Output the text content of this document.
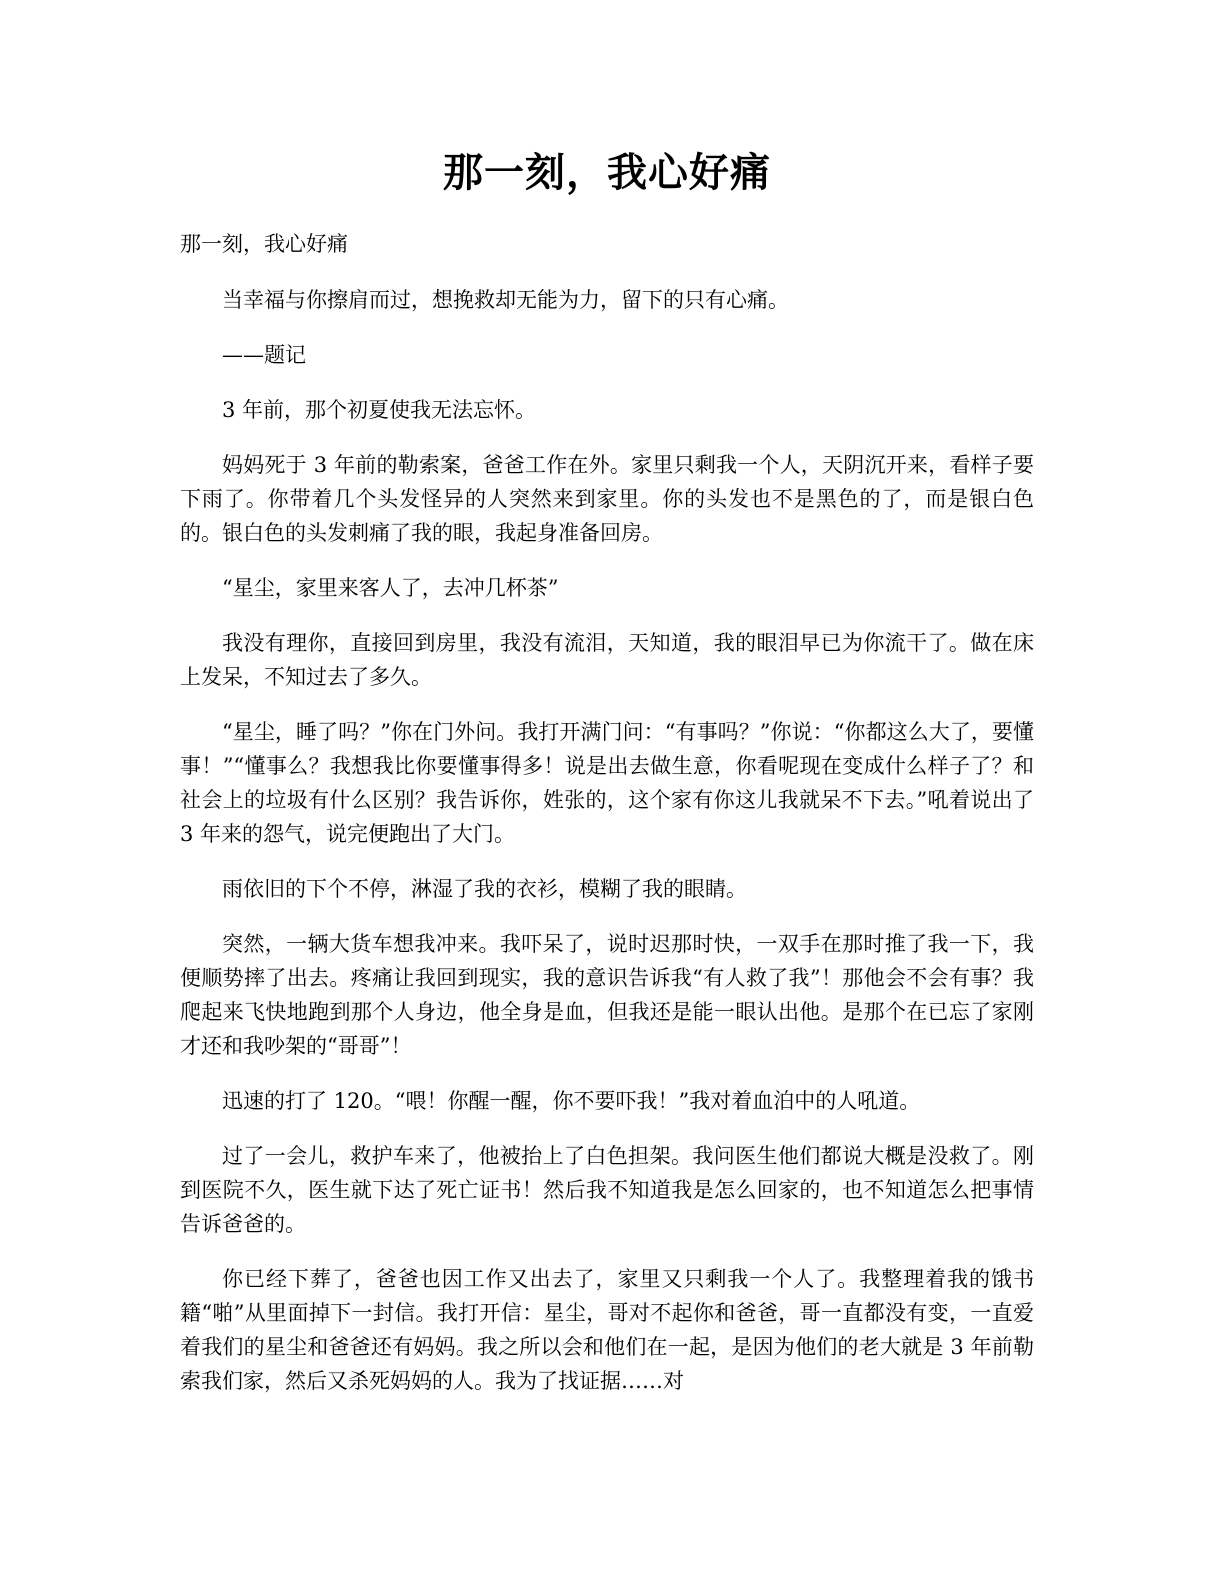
那一刻，我心好痛

那一刻，我心好痛

当幸福与你擦肩而过，想挽救却无能为力，留下的只有心痛。

——题记

3 年前，那个初夏使我无法忘怀。

妈妈死于 3 年前的勒索案，爸爸工作在外。家里只剩我一个人，天阴沉开来，看样子要下雨了。你带着几个头发怪异的人突然来到家里。你的头发也不是黑色的了，而是银白色的。银白色的头发刺痛了我的眼，我起身准备回房。

“星尘，家里来客人了，去冲几杯茶”

我没有理你，直接回到房里，我没有流泪，天知道，我的眼泪早已为你流干了。做在床上发呆，不知过去了多久。

“星尘，睡了吗？”你在门外问。我打开满门问：“有事吗？”你说：“你都这么大了，要懂事！”“懂事么？我想我比你要懂事得多！说是出去做生意，你看呢现在变成什么样子了？和社会上的垃圾有什么区别？我告诉你，姓张的，这个家有你这儿我就呆不下去。”吼着说出了 3 年来的怨气，说完便跑出了大门。

雨依旧的下个不停，淋湿了我的衣衫，模糊了我的眼睛。

突然，一辆大货车想我冲来。我吓呆了，说时迟那时快，一双手在那时推了我一下，我便顺势摔了出去。疼痛让我回到现实，我的意识告诉我“有人救了我”！那他会不会有事？我爬起来飞快地跑到那个人身边，他全身是血，但我还是能一眼认出他。是那个在已忘了家刚才还和我吵架的“哥哥”！

迅速的打了 120。“喂！你醒一醒，你不要吓我！”我对着血泊中的人吼道。

过了一会儿，救护车来了，他被抬上了白色担架。我问医生他们都说大概是没救了。刚到医院不久，医生就下达了死亡证书！然后我不知道我是怎么回家的，也不知道怎么把事情告诉爸爸的。

你已经下葬了，爸爸也因工作又出去了，家里又只剩我一个人了。我整理着我的饿书籍“啪”从里面掉下一封信。我打开信：星尘，哥对不起你和爸爸，哥一直都没有变，一直爱着我们的星尘和爸爸还有妈妈。我之所以会和他们在一起，是因为他们的老大就是 3 年前勒索我们家，然后又杀死妈妈的人。我为了找证据……对
